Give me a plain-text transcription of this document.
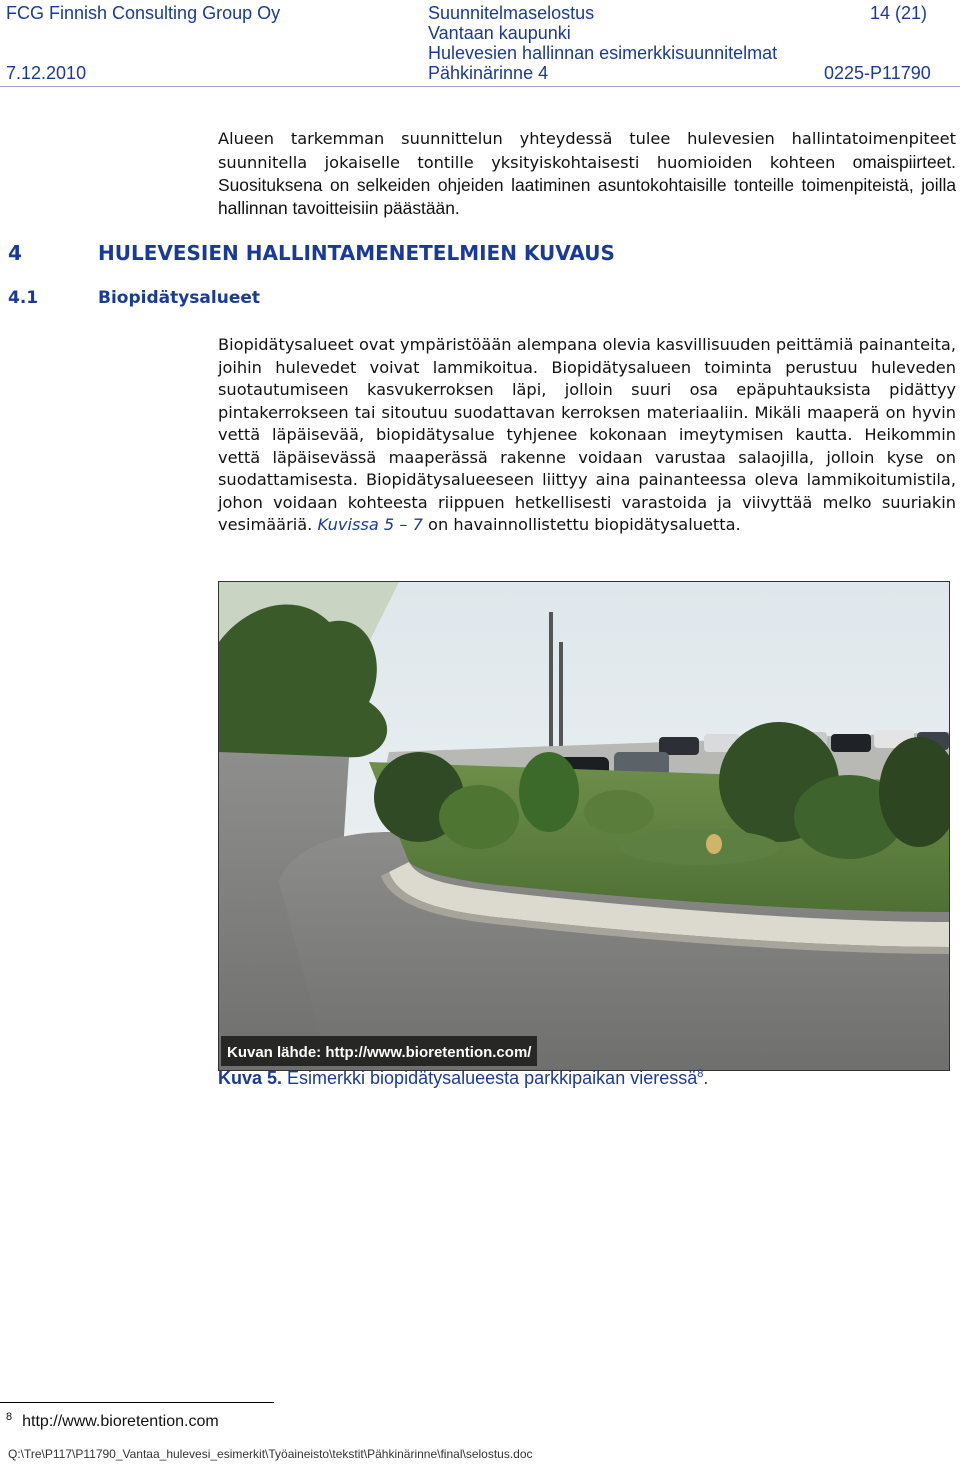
FCG Finnish Consulting Group Oy
7.12.2010
Suunnitelmaselostus
Vantaan kaupunki
Hulevesien hallinnan esimerkkisuunnitelmat
Pähkinärinne 4
14 (21)
0225-P11790

Alueen tarkemman suunnittelun yhteydessä tulee hulevesien hallintatoimenpiteet suunnitella jokaiselle tontille yksityiskohtaisesti huomioiden kohteen omaispiirteet. Suosituksena on selkeiden ohjeiden laatiminen asuntokohtaisille tonteille toimenpiteistä, joilla hallinnan tavoitteisiin päästään.

4	HULEVESIEN HALLINTAMENETELMIEN KUVAUS
4.1	Biopidätysalueet

Biopidätysalueet ovat ympäristöään alempana olevia kasvillisuuden peittämiä painanteita, joihin hulevedet voivat lammikoitua. Biopidätysalueen toiminta perustuu huleveden suotautumiseen kasvukerroksen läpi, jolloin suuri osa epäpuhtauksista pidättyy pintakerrokseen tai sitoutuu suodattavan kerroksen materiaaliin. Mikäli maaperä on hyvin vettä läpäisevää, biopidätysalue tyhjenee kokonaan imeytymisen kautta. Heikommin vettä läpäisevässä maaperässä rakenne voidaan varustaa salaojilla, jolloin kyse on suodattamisesta. Biopidätysalueeseen liittyy aina painanteessa oleva lammikoitumistila, johon voidaan kohteesta riippuen hetkellisesti varastoida ja viivyttää melko suuriakin vesimääriä. Kuvissa 5 – 7 on havainnollistettu biopidätysaluetta.

Kuvan lähde: http://www.bioretention.com/
Kuva 5. Esimerkki biopidätysalueesta parkkipaikan vieressä$^8$.
$^8$ http://www.bioretention.com
Q:\Tre\P117\P11790_Vantaa_hulevesi_esimerkit\Työaineisto\tekstit\Pähkinärinne\final\selostus.doc
